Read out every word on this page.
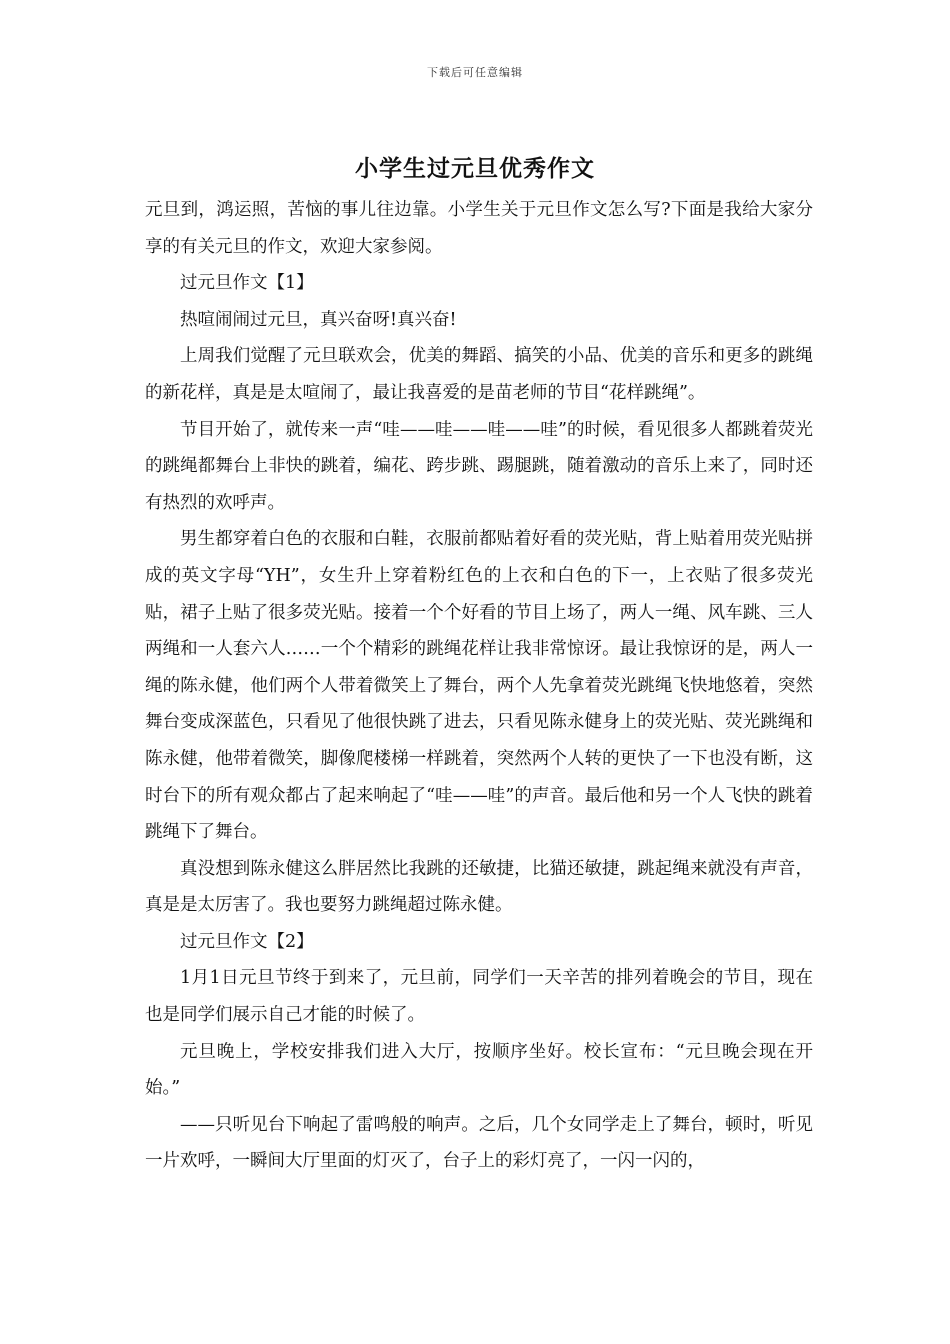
下载后可任意编辑
小学生过元旦优秀作文

元旦到，鸿运照，苦恼的事儿往边靠。小学生关于元旦作文怎么写?下面是我给大家分享的有关元旦的作文，欢迎大家参阅。

过元旦作文【1】

热喧闹闹过元旦，真兴奋呀!真兴奋!

上周我们觉醒了元旦联欢会，优美的舞蹈、搞笑的小品、优美的音乐和更多的跳绳的新花样，真是是太喧闹了，最让我喜爱的是苗老师的节目“花样跳绳”。

节目开始了，就传来一声“哇——哇——哇——哇”的时候，看见很多人都跳着荧光的跳绳都舞台上非快的跳着，编花、跨步跳、踢腿跳，随着激动的音乐上来了，同时还有热烈的欢呼声。

男生都穿着白色的衣服和白鞋，衣服前都贴着好看的荧光贴，背上贴着用荧光贴拼成的英文字母“YH”，女生升上穿着粉红色的上衣和白色的下一，上衣贴了很多荧光贴，裙子上贴了很多荧光贴。接着一个个好看的节目上场了，两人一绳、风车跳、三人两绳和一人套六人……一个个精彩的跳绳花样让我非常惊讶。最让我惊讶的是，两人一绳的陈永健，他们两个人带着微笑上了舞台，两个人先拿着荧光跳绳飞快地悠着，突然舞台变成深蓝色，只看见了他很快跳了进去，只看见陈永健身上的荧光贴、荧光跳绳和陈永健，他带着微笑，脚像爬楼梯一样跳着，突然两个人转的更快了一下也没有断，这时台下的所有观众都占了起来响起了“哇——哇”的声音。最后他和另一个人飞快的跳着跳绳下了舞台。

真没想到陈永健这么胖居然比我跳的还敏捷，比猫还敏捷，跳起绳来就没有声音，真是是太厉害了。我也要努力跳绳超过陈永健。

过元旦作文【2】

1月1日元旦节终于到来了，元旦前，同学们一天辛苦的排列着晚会的节目，现在也是同学们展示自己才能的时候了。

元旦晚上，学校安排我们进入大厅，按顺序坐好。校长宣布：“元旦晚会现在开始。”

——只听见台下响起了雷鸣般的响声。之后，几个女同学走上了舞台，顿时，听见一片欢呼，一瞬间大厅里面的灯灭了，台子上的彩灯亮了，一闪一闪的，
